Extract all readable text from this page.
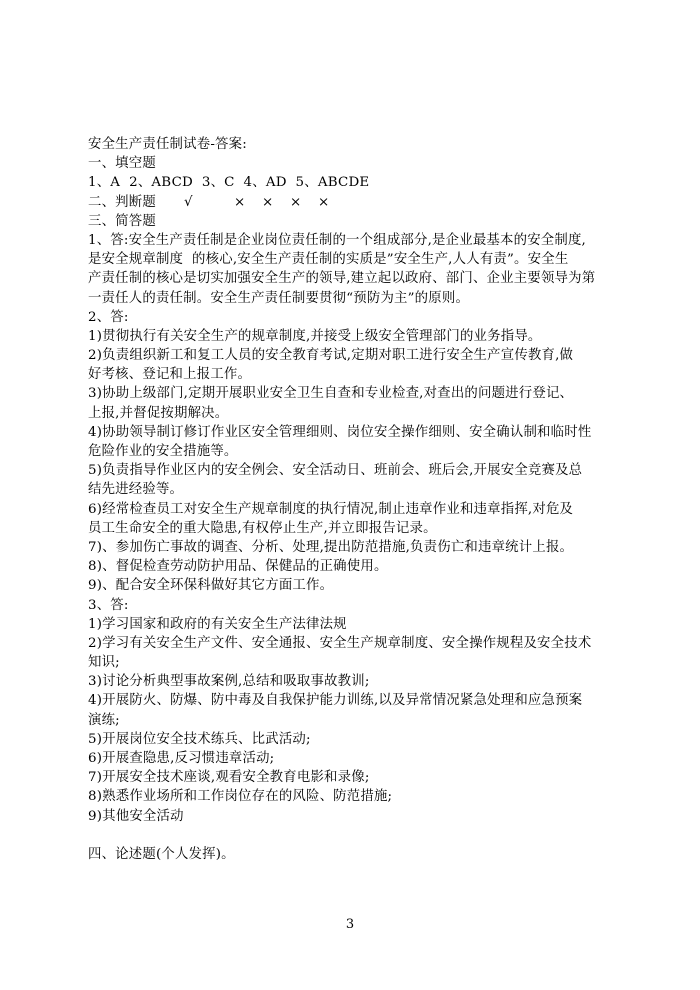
安全生产责任制试卷-答案:
一、填空题
1、A  2、ABCD  3、C  4、AD  5、ABCDE
二、判断题 √	×	×	×	×
三、简答题
1、答:安全生产责任制是企业岗位责任制的一个组成部分,是企业最基本的安全制度,
是安全规章制度  的核心,安全生产责任制的实质是”安全生产,人人有责”。安全生
产责任制的核心是切实加强安全生产的领导,建立起以政府、部门、企业主要领导为第
一责任人的责任制。安全生产责任制要贯彻“预防为主”的原则。
2、答:
1)贯彻执行有关安全生产的规章制度,并接受上级安全管理部门的业务指导。
2)负责组织新工和复工人员的安全教育考试,定期对职工进行安全生产宣传教育,做
好考核、登记和上报工作。
3)协助上级部门,定期开展职业安全卫生自查和专业检查,对查出的问题进行登记、
上报,并督促按期解决。
4)协助领导制订修订作业区安全管理细则、岗位安全操作细则、安全确认制和临时性
危险作业的安全措施等。
5)负责指导作业区内的安全例会、安全活动日、班前会、班后会,开展安全竞赛及总
结先进经验等。
6)经常检查员工对安全生产规章制度的执行情况,制止违章作业和违章指挥,对危及
员工生命安全的重大隐患,有权停止生产,并立即报告记录。
7)、参加伤亡事故的调查、分析、处理,提出防范措施,负责伤亡和违章统计上报。
8)、督促检查劳动防护用品、保健品的正确使用。
9)、配合安全环保科做好其它方面工作。
3、答:
1)学习国家和政府的有关安全生产法律法规
2)学习有关安全生产文件、安全通报、安全生产规章制度、安全操作规程及安全技术
知识;
3)讨论分析典型事故案例,总结和吸取事故教训;
4)开展防火、防爆、防中毒及自我保护能力训练,以及异常情况紧急处理和应急预案
演练;
5)开展岗位安全技术练兵、比武活动;
6)开展查隐患,反习惯违章活动;
7)开展安全技术座谈,观看安全教育电影和录像;
8)熟悉作业场所和工作岗位存在的风险、防范措施;
9)其他安全活动
四、论述题(个人发挥)。
3
